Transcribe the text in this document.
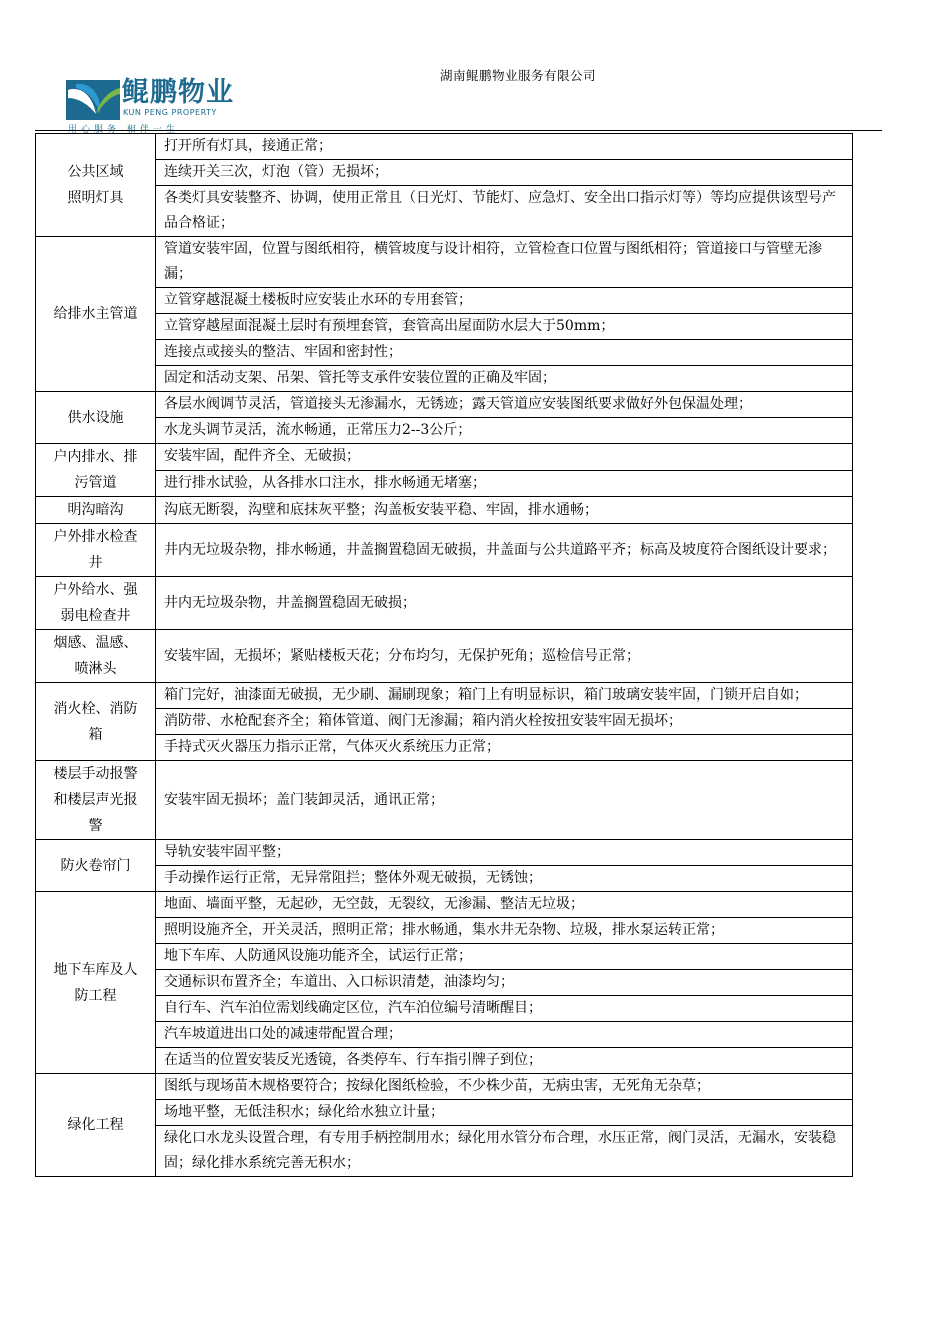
湖南鲲鹏物业服务有限公司
鲲鹏物业
KUN PENG PROPERTY
用心服务 相伴一生
公共区域
照明灯具	打开所有灯具，接通正常；
	连续开关三次，灯泡（管）无损坏；
	各类灯具安装整齐、协调，使用正常且（日光灯、节能灯、应急灯、安全出口指示灯等）等均应提供该型号产品合格证；

给排水主管道	管道安装牢固，位置与图纸相符，横管坡度与设计相符，立管检查口位置与图纸相符；管道接口与管壁无渗漏；
	立管穿越混凝土楼板时应安装止水环的专用套管；
	立管穿越屋面混凝土层时有预埋套管，套管高出屋面防水层大于50mm；
	连接点或接头的整洁、牢固和密封性；
	固定和活动支架、吊架、管托等支承件安装位置的正确及牢固；

供水设施	各层水阀调节灵活，管道接头无渗漏水，无锈迹；露天管道应安装图纸要求做好外包保温处理；
	水龙头调节灵活，流水畅通，正常压力2--3公斤；

户内排水、排
污管道	安装牢固，配件齐全、无破损；
	进行排水试验，从各排水口注水，排水畅通无堵塞；

明沟暗沟	沟底无断裂，沟壁和底抹灰平整；沟盖板安装平稳、牢固，排水通畅；

户外排水检查
井	井内无垃圾杂物，排水畅通，井盖搁置稳固无破损，井盖面与公共道路平齐；标高及坡度符合图纸设计要求；

户外给水、强
弱电检查井	井内无垃圾杂物，井盖搁置稳固无破损；

烟感、温感、
喷淋头	安装牢固，无损坏；紧贴楼板天花；分布均匀，无保护死角；巡检信号正常；

消火栓、消防
箱	箱门完好，油漆面无破损，无少刷、漏刷现象；箱门上有明显标识，箱门玻璃安装牢固，门锁开启自如；
	消防带、水枪配套齐全；箱体管道、阀门无渗漏；箱内消火栓按扭安装牢固无损坏；
	手持式灭火器压力指示正常，气体灭火系统压力正常；

楼层手动报警
和楼层声光报
警	安装牢固无损坏；盖门装卸灵活，通讯正常；

防火卷帘门	导轨安装牢固平整；
	手动操作运行正常，无异常阻拦；整体外观无破损，无锈蚀；

地下车库及人
防工程	地面、墙面平整，无起砂，无空鼓，无裂纹，无渗漏、整洁无垃圾；
	照明设施齐全，开关灵活，照明正常；排水畅通，集水井无杂物、垃圾，排水泵运转正常；
	地下车库、人防通风设施功能齐全，试运行正常；
	交通标识布置齐全；车道出、入口标识清楚，油漆均匀；
	自行车、汽车泊位需划线确定区位，汽车泊位编号清晰醒目；
	汽车坡道进出口处的减速带配置合理；
	在适当的位置安装反光透镜，各类停车、行车指引牌子到位；

绿化工程	图纸与现场苗木规格要符合；按绿化图纸检验，不少株少苗，无病虫害，无死角无杂草；
	场地平整，无低洼积水；绿化给水独立计量；
	绿化口水龙头设置合理，有专用手柄控制用水；绿化用水管分布合理，水压正常，阀门灵活，无漏水，安装稳固；绿化排水系统完善无积水；
